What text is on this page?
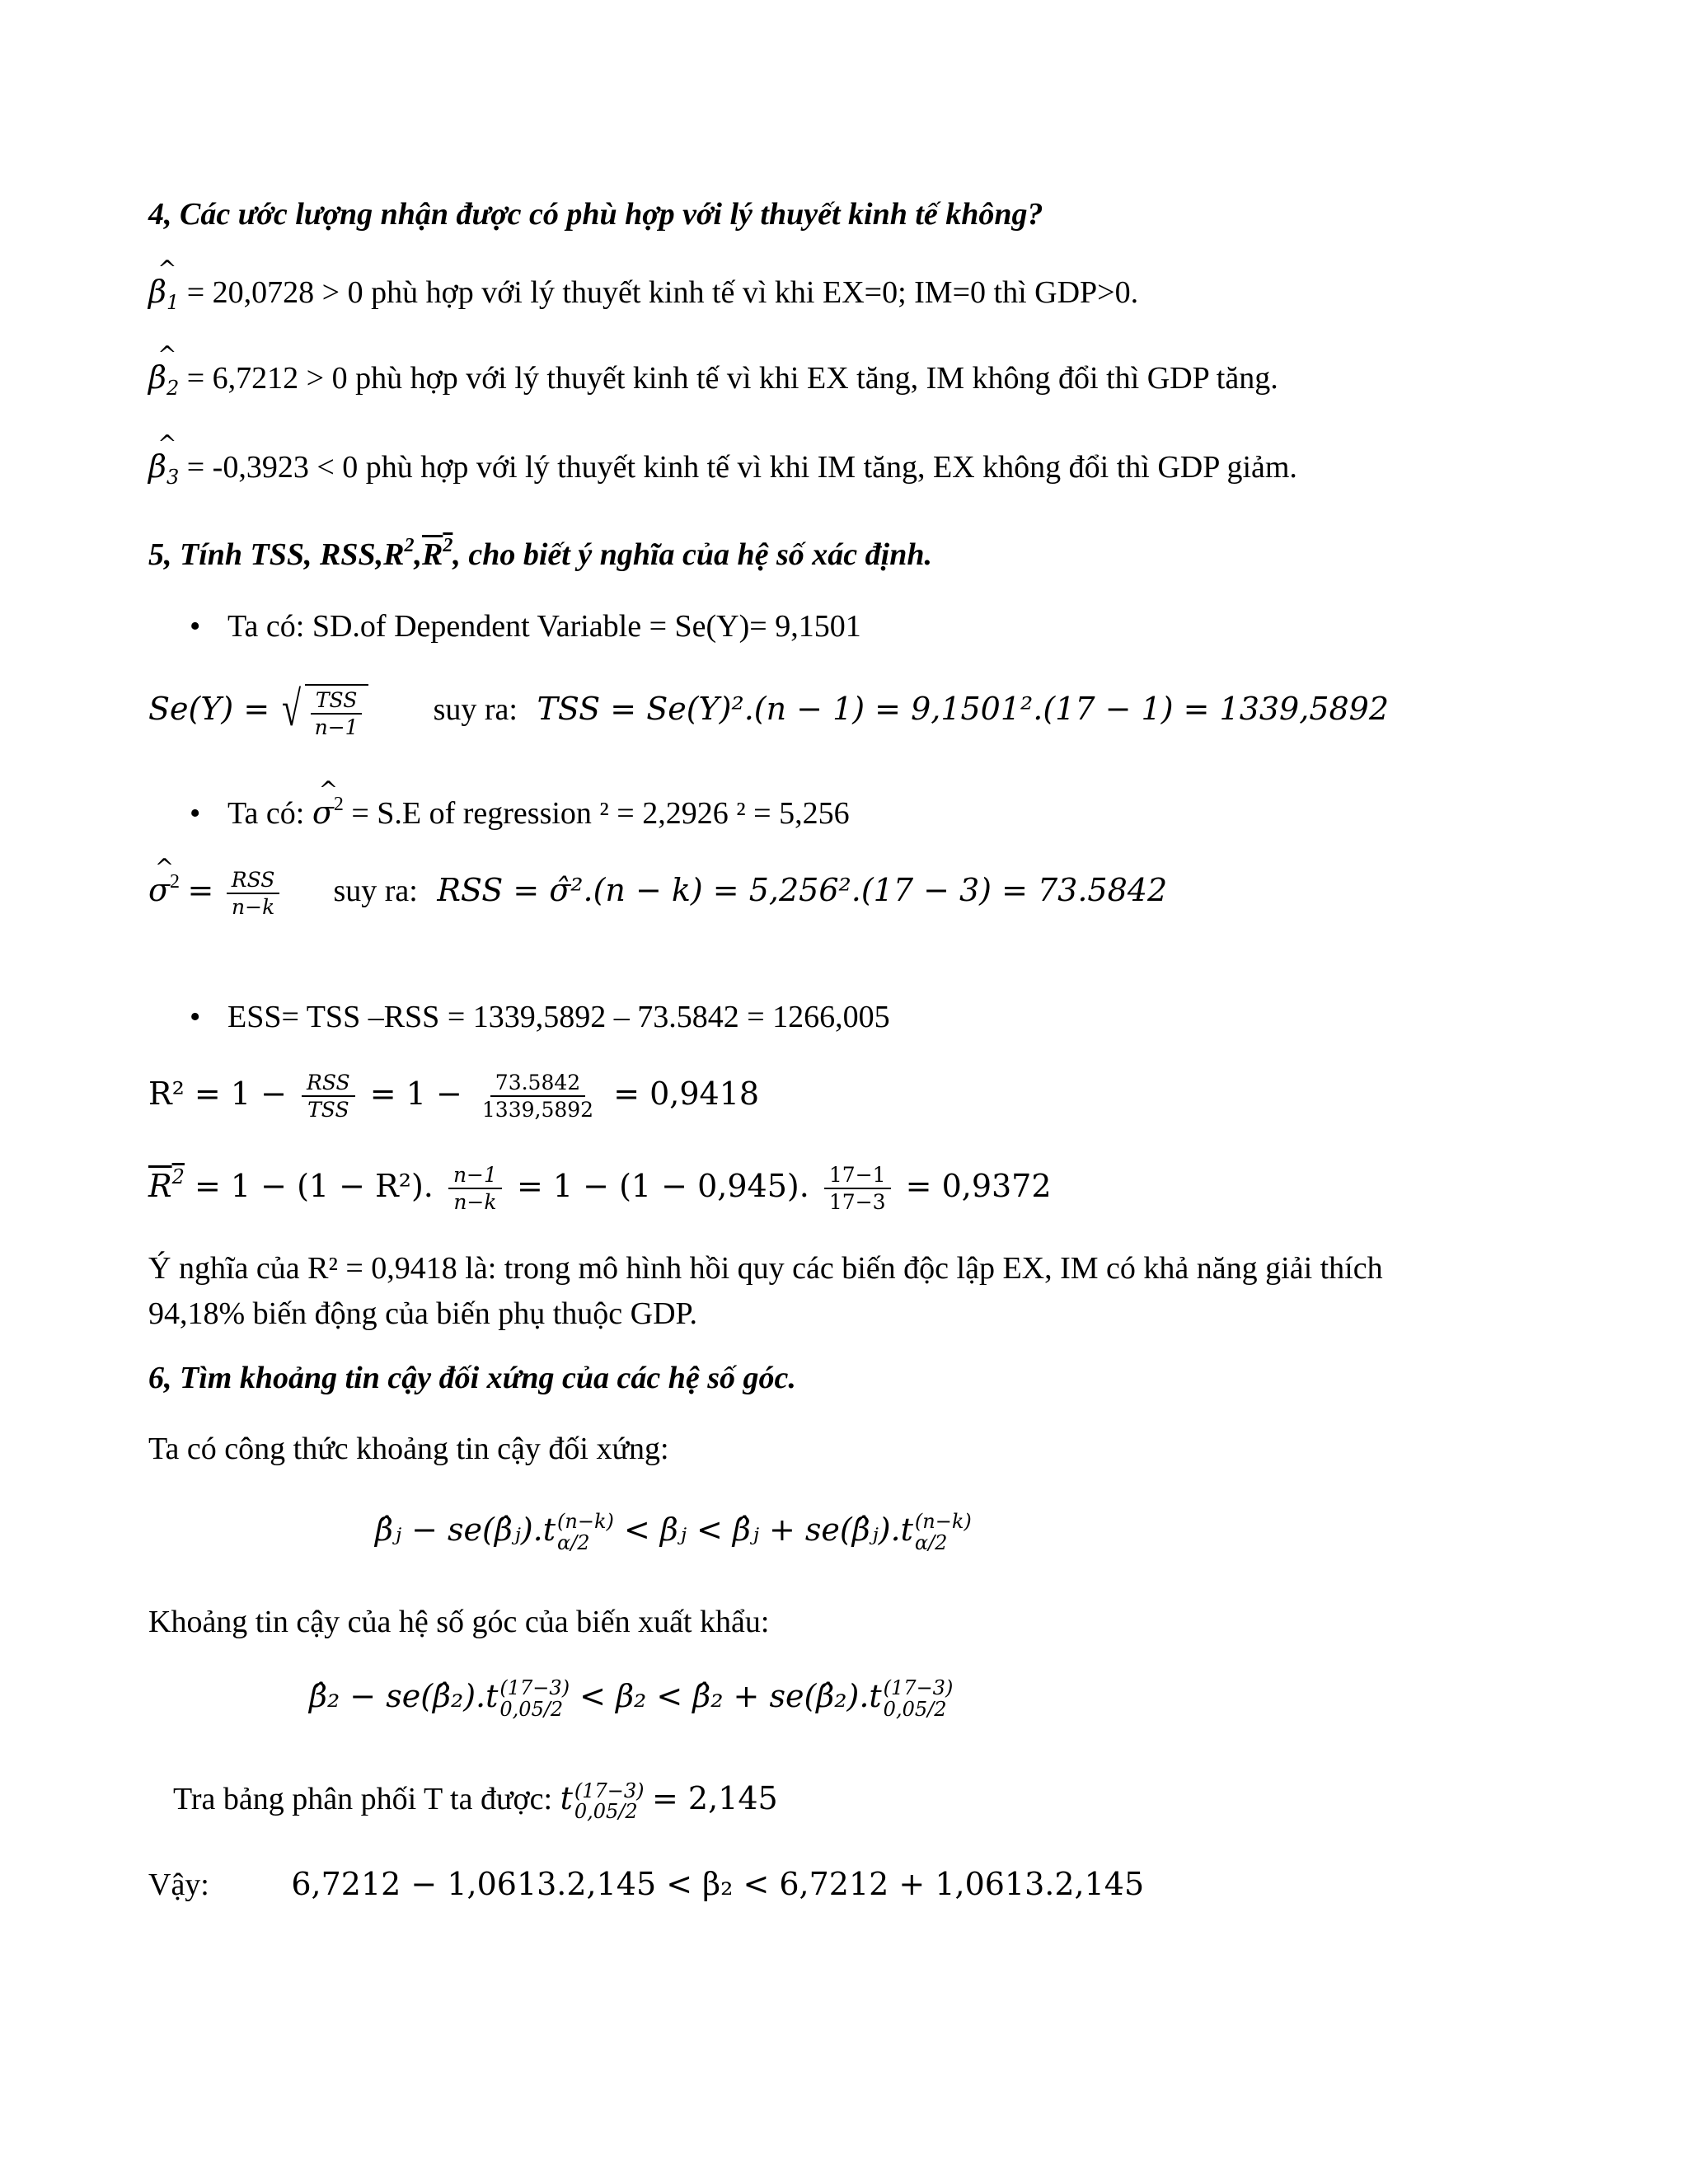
4, Các ước lượng nhận được có phù hợp với lý thuyết kinh tế không?
^ $\beta_1 = 20,0728 > 0$ phù hợp với lý thuyết kinh tế vì khi EX=0; IM=0 thì GDP>0.
^ $\beta_2 = 6,7212 > 0$ phù hợp với lý thuyết kinh tế vì khi EX tăng, IM không đổi thì GDP tăng.
^ $\beta_3 = -0,3923 < 0$ phù hợp với lý thuyết kinh tế vì khi IM tăng, EX không đổi thì GDP giảm.
5, Tính TSS, $RSS,R^2,R^2$, cho biết ý nghĩa của hệ số xác định.
• Ta có: SD.of Dependent Variable = Se(Y)= 9,1501
Se(Y) = √ $\frac{\text{TSS}}{n-1}$ suy ra: TSS = Se(Y)².(n − 1) = 9,1501².(17 − 1) = 1339,5892
• Ta có: ^ $\sigma^2 = S.E$ of regression ² = 2,2926 ² = 5,256
^ $\sigma^2 = \frac{\text{RSS}}{n-k}$ suy ra: RSS = σ̂².(n − k) = 5,256².(17 − 3) = 73.5842
• ESS= TSS –RSS = 1339,5892 – 73.5842 = 1266,005
$R^2 = 1 - \frac{\text{RSS}}{\text{TSS}} = 1 - \frac{73.5842}{1339,5892} = 0,9418$
$R^2 = 1 - (1 - R^2)$. $\frac{n-1}{n-k} = 1 - (1 - 0,945)$. $\frac{17-1}{17-3} = 0,9372$
Ý nghĩa của R² = 0,9418 là: trong mô hình hồi quy các biến độc lập EX, IM có khả năng giải thích 94,18% biến động của biến phụ thuộc GDP.
6, Tìm khoảng tin cậy đối xứng của các hệ số góc.
Ta có công thức khoảng tin cậy đối xứng:
β̂ⱼ − se(β̂ⱼ).t (n−k)
α/2	< βⱼ < β̂ⱼ + se(β̂ⱼ).t (n−k)
α/2
Khoảng tin cậy của hệ số góc của biến xuất khẩu:
β̂₂ − se(β̂₂).t (17−3)
0,05/2 < β₂ < β̂₂ + se(β̂₂).t (17−3)
0,05/2
Tra bảng phân phối T ta được: t (17−3)
0,05/2 = 2,145
Vậy:	6,7212 − 1,0613.2,145 < β₂ < 6,7212 + 1,0613.2,145
